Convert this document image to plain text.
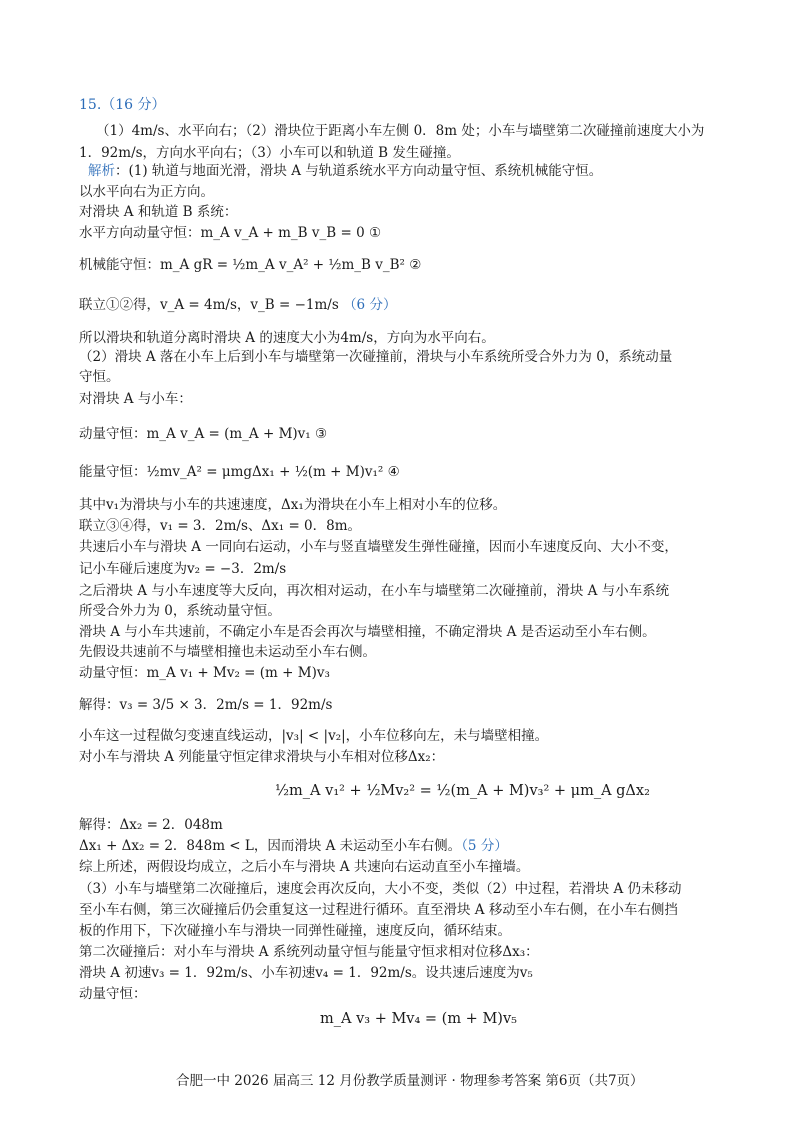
15.（16 分）
（1）4m/s、水平向右；（2）滑块位于距离小车左侧 0．8m 处；小车与墙壁第二次碰撞前速度大小为
1．92m/s，方向水平向右；（3）小车可以和轨道 B 发生碰撞。
解析：(1) 轨道与地面光滑，滑块 A 与轨道系统水平方向动量守恒、系统机械能守恒。
以水平向右为正方向。
对滑块 A 和轨道 B 系统：
水平方向动量守恒：m_A v_A + m_B v_B = 0 ①
机械能守恒：m_A gR = ½m_A v_A² + ½m_B v_B² ②
联立①②得，v_A = 4m/s，v_B = −1m/s （6 分）
所以滑块和轨道分离时滑块 A 的速度大小为4m/s，方向为水平向右。
（2）滑块 A 落在小车上后到小车与墙壁第一次碰撞前，滑块与小车系统所受合外力为 0，系统动量
守恒。
对滑块 A 与小车：
动量守恒：m_A v_A = (m_A + M)v₁ ③
能量守恒：½mv_A² = μmgΔx₁ + ½(m + M)v₁² ④
其中v₁为滑块与小车的共速速度，Δx₁为滑块在小车上相对小车的位移。
联立③④得，v₁ = 3．2m/s、Δx₁ = 0．8m。
共速后小车与滑块 A 一同向右运动，小车与竖直墙壁发生弹性碰撞，因而小车速度反向、大小不变，
记小车碰后速度为v₂ = −3．2m/s
之后滑块 A 与小车速度等大反向，再次相对运动，在小车与墙壁第二次碰撞前，滑块 A 与小车系统
所受合外力为 0，系统动量守恒。
滑块 A 与小车共速前，不确定小车是否会再次与墙壁相撞，不确定滑块 A 是否运动至小车右侧。
先假设共速前不与墙壁相撞也未运动至小车右侧。
动量守恒：m_A v₁ + Mv₂ = (m + M)v₃
解得：v₃ = 3/5 × 3．2m/s = 1．92m/s
小车这一过程做匀变速直线运动，|v₃| < |v₂|，小车位移向左，未与墙壁相撞。
对小车与滑块 A 列能量守恒定律求滑块与小车相对位移Δx₂：
½m_A v₁² + ½Mv₂² = ½(m_A + M)v₃² + μm_A gΔx₂
解得：Δx₂ = 2．048m
Δx₁ + Δx₂ = 2．848m < L，因而滑块 A 未运动至小车右侧。（5 分）
综上所述，两假设均成立，之后小车与滑块 A 共速向右运动直至小车撞墙。
（3）小车与墙壁第二次碰撞后，速度会再次反向，大小不变，类似（2）中过程，若滑块 A 仍未移动
至小车右侧，第三次碰撞后仍会重复这一过程进行循环。直至滑块 A 移动至小车右侧，在小车右侧挡
板的作用下，下次碰撞小车与滑块一同弹性碰撞，速度反向，循环结束。
第二次碰撞后：对小车与滑块 A 系统列动量守恒与能量守恒求相对位移Δx₃：
滑块 A 初速v₃ = 1．92m/s、小车初速v₄ = 1．92m/s。设共速后速度为v₅
动量守恒：
m_A v₃ + Mv₄ = (m + M)v₅
合肥一中 2026 届高三 12 月份教学质量测评 · 物理参考答案 第6页（共7页）
